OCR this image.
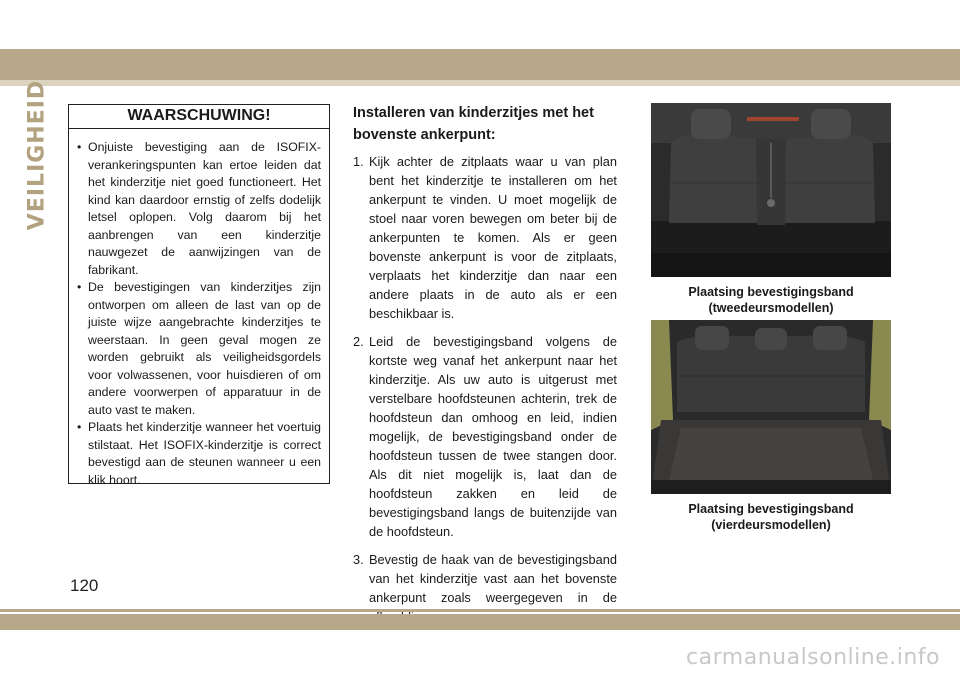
VEILIGHEID	WAARSCHUWING!
• Onjuiste bevestiging aan de ISOFIX-verankeringspunten kan ertoe leiden dat het kinderzitje niet goed functioneert. Het kind kan daardoor ernstig of zelfs dodelijk letsel oplopen. Volg daarom bij het aanbrengen van een kinderzitje nauwgezet de aanwijzingen van de fabrikant.
• De bevestigingen van kinderzitjes zijn ontworpen om alleen de last van op de juiste wijze aangebrachte kinderzitjes te weerstaan. In geen geval mogen ze worden gebruikt als veiligheidsgordels voor volwassenen, voor huisdieren of om andere voorwerpen of apparatuur in de auto vast te maken.
• Plaats het kinderzitje wanneer het voertuig stilstaat. Het ISOFIX-kinderzitje is correct bevestigd aan de steunen wanneer u een klik hoort.
Installeren van kinderzitjes met het bovenste ankerpunt:
1. Kijk achter de zitplaats waar u van plan bent het kinderzitje te installeren om het ankerpunt te vinden. U moet mogelijk de stoel naar voren bewegen om beter bij de ankerpunten te komen. Als er geen bovenste ankerpunt is voor de zitplaats, verplaats het kinderzitje dan naar een andere plaats in de auto als er een beschikbaar is.
2. Leid de bevestigingsband volgens de kortste weg vanaf het ankerpunt naar het kinderzitje. Als uw auto is uitgerust met verstelbare hoofdsteunen achterin, trek de hoofdsteun dan omhoog en leid, indien mogelijk, de bevestigingsband onder de hoofdsteun tussen de twee stangen door. Als dit niet mogelijk is, laat dan de hoofdsteun zakken en leid de bevestigingsband langs de buitenzijde van de hoofdsteun.
3. Bevestig de haak van de bevestigingsband van het kinderzitje vast aan het bovenste ankerpunt zoals weergegeven in de
Plaatsing bevestigingsband
(tweedeursmodellen)
Plaatsing bevestigingsband
(vierdeursmodellen)
120
carmanualsonline.info
